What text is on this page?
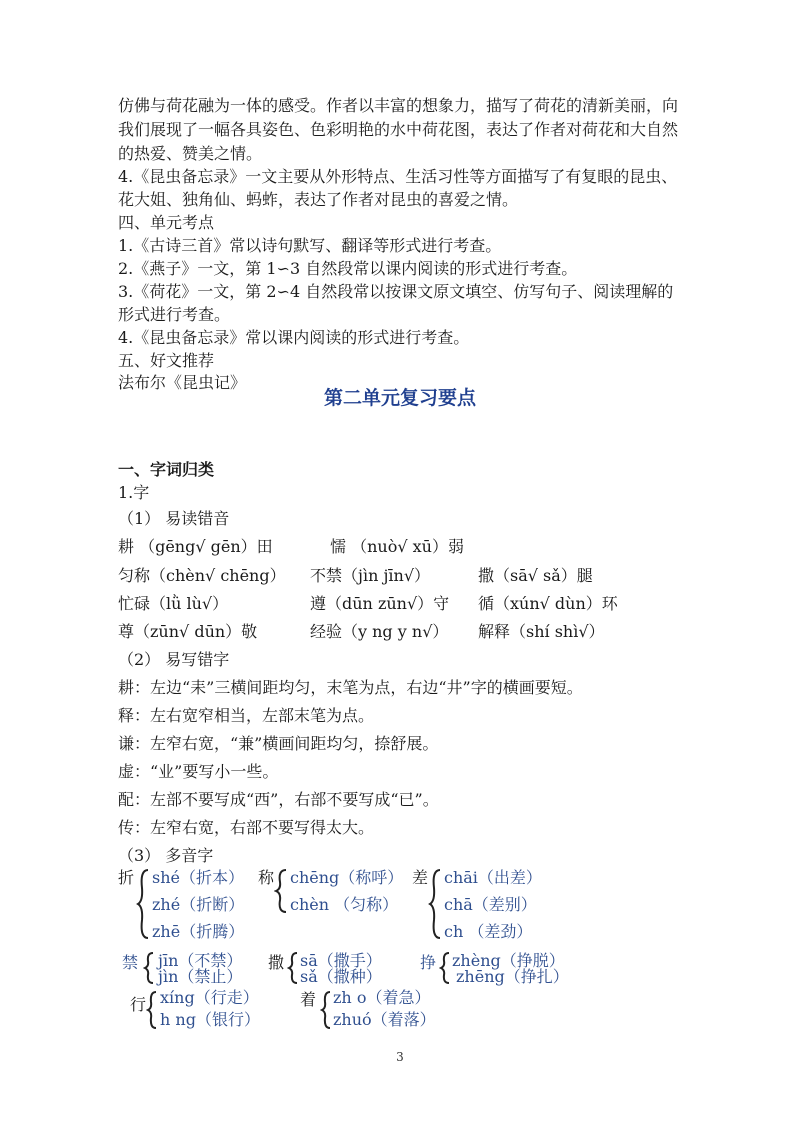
仿佛与荷花融为一体的感受。作者以丰富的想象力，描写了荷花的清新美丽，向
我们展现了一幅各具姿色、色彩明艳的水中荷花图，表达了作者对荷花和大自然
的热爱、赞美之情。
4.《昆虫备忘录》一文主要从外形特点、生活习性等方面描写了有复眼的昆虫、
花大姐、独角仙、蚂蚱，表达了作者对昆虫的喜爱之情。
四、单元考点
1.《古诗三首》常以诗句默写、翻译等形式进行考查。
2.《燕子》一文，第 1∽3 自然段常以课内阅读的形式进行考查。
3.《荷花》一文，第 2∽4 自然段常以按课文原文填空、仿写句子、阅读理解的
形式进行考查。
4.《昆虫备忘录》常以课内阅读的形式进行考查。
五、好文推荐
法布尔《昆虫记》
第二单元复习要点
一、字词归类
1.字
（1） 易读错音
耕 （gēng√ gēn）田	懦 （nuò√ xū）弱
匀称（chèn√ chēng） 不禁（jìn jīn√）	撒（sā√ sǎ）腿
忙碌（lǜ lù√）	遵（dūn zūn√）守 循（xún√ dùn）环
尊（zūn√ dūn）敬	经验（y ng y n√） 解释（shí shì√）
（2） 易写错字
耕：左边“耒”三横间距均匀，末笔为点，右边“井”字的横画要短。
释：左右宽窄相当，左部末笔为点。
谦：左窄右宽，“兼”横画间距均匀，捺舒展。
虚：“业”要写小一些。
配：左部不要写成“西”，右部不要写成“已”。
传：左窄右宽，右部不要写得太大。
（3） 多音字
折 shé（折本）
zhé（折断）
zhē（折腾）
称 chēng（称呼）
chèn （匀称）
差 chāi（出差）
chā（差别）
ch （差劲）
禁 jīn（不禁）
jìn（禁止）
撒 sā（撒手）
sǎ（撒种）
挣 zhèng（挣脱）
zhēng（挣扎）
行 xíng（行走）
h ng（银行）
着 zh o（着急）
zhuó（着落）
3
